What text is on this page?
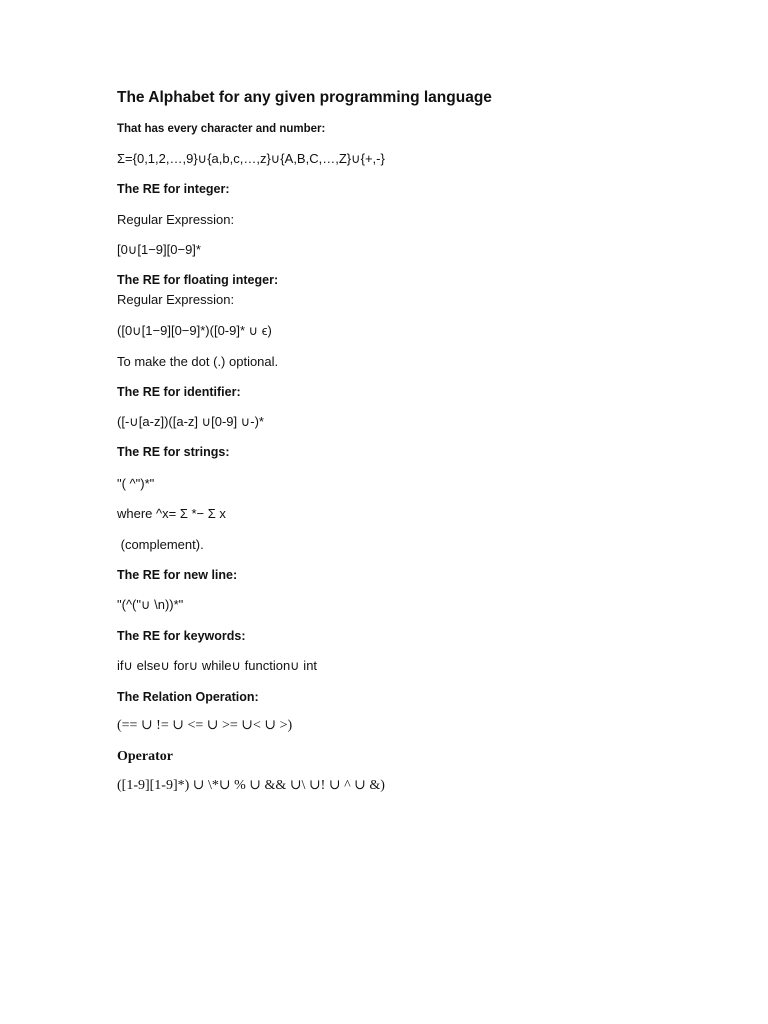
The Alphabet for any given programming language
That has every character and number:
Σ={0,1,2,…,9}∪{a,b,c,…,z}∪{A,B,C,…,Z}∪{+,-}
The RE for integer:
Regular Expression:
[0∪[1−9][0−9]*
The RE for floating integer:
Regular Expression:
([0∪[1−9][0−9]*)([0-9]* ∪ ϵ)
To make the dot (.) optional.
The RE for identifier:
([-∪[a-z])([a-z] ∪[0-9] ∪-)*
The RE for strings:
"( ^")*"
where ^x= Σ *− Σ x
(complement).
The RE for new line:
"(^("∪ \n))*"
The RE for keywords:
if∪ else∪ for∪ while∪ function∪ int
The Relation Operation:
(== ∪ != ∪ <= ∪ >= ∪< ∪ >)
Operator
([1-9][1-9]*) ∪ \*∪ % ∪ && ∪\ ∪! ∪ ^ ∪ &)
